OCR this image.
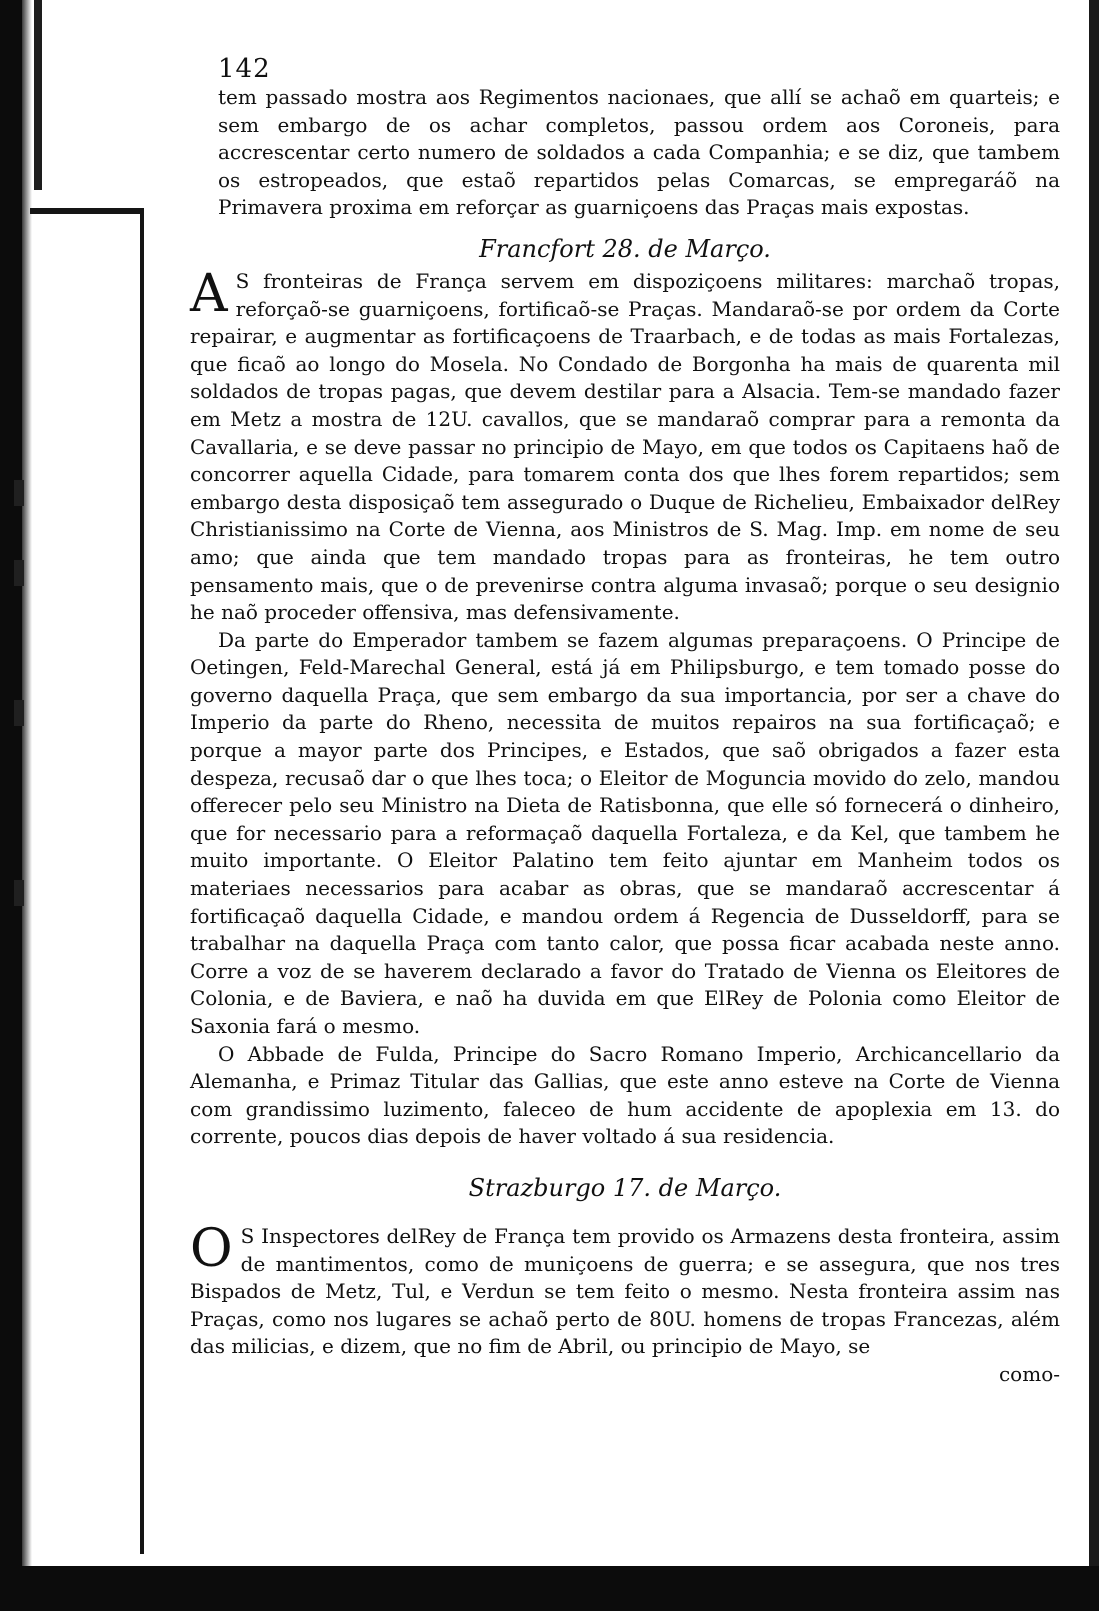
142

tem passado mostra aos Regimentos nacionaes, que allí se achaõ em quarteis; e sem embargo de os achar completos, passou ordem aos Coroneis, para accrescentar certo numero de soldados a cada Companhia; e se diz, que tambem os estropeados, que estaõ repartidos pelas Comarcas, se empregaráõ na Primavera proxima em reforçar as guarniçoens das Praças mais expostas.

Francfort 28. de Março.
A S fronteiras de França servem em dispoziçoens militares: marchaõ tropas, reforçaõ-se guarniçoens, fortificaõ-se Praças. Mandaraõ-se por ordem da Corte repairar, e augmentar as fortificaçoens de Traarbach, e de todas as mais Fortalezas, que ficaõ ao longo do Mosela. No Condado de Borgonha ha mais de quarenta mil soldados de tropas pagas, que devem destilar para a Alsacia. Tem-se mandado fazer em Metz a mostra de 12U. cavallos, que se mandaraõ comprar para a remonta da Cavallaria, e se deve passar no principio de Mayo, em que todos os Capitaens haõ de concorrer aquella Cidade, para tomarem conta dos que lhes forem repartidos; sem embargo desta disposiçaõ tem assegurado o Duque de Richelieu, Embaixador delRey Christianissimo na Corte de Vienna, aos Ministros de S. Mag. Imp. em nome de seu amo; que ainda que tem mandado tropas para as fronteiras, he tem outro pensamento mais, que o de prevenirse contra alguma invasaõ; porque o seu designio he naõ proceder offensiva, mas defensivamente.

Da parte do Emperador tambem se fazem algumas preparaçoens. O Principe de Oetingen, Feld-Marechal General, está já em Philipsburgo, e tem tomado posse do governo daquella Praça, que sem embargo da sua importancia, por ser a chave do Imperio da parte do Rheno, necessita de muitos repairos na sua fortificaçaõ; e porque a mayor parte dos Principes, e Estados, que saõ obrigados a fazer esta despeza, recusaõ dar o que lhes toca; o Eleitor de Moguncia movido do zelo, mandou offerecer pelo seu Ministro na Dieta de Ratisbonna, que elle só fornecerá o dinheiro, que for necessario para a reformaçaõ daquella Fortaleza, e da Kel, que tambem he muito importante. O Eleitor Palatino tem feito ajuntar em Manheim todos os materiaes necessarios para acabar as obras, que se mandaraõ accrescentar á fortificaçaõ daquella Cidade, e mandou ordem á Regencia de Dusseldorff, para se trabalhar na daquella Praça com tanto calor, que possa ficar acabada neste anno. Corre a voz de se haverem declarado a favor do Tratado de Vienna os Eleitores de Colonia, e de Baviera, e naõ ha duvida em que ElRey de Polonia como Eleitor de Saxonia fará o mesmo.

O Abbade de Fulda, Principe do Sacro Romano Imperio, Archicancellario da Alemanha, e Primaz Titular das Gallias, que este anno esteve na Corte de Vienna com grandissimo luzimento, faleceo de hum accidente de apoplexia em 13. do corrente, poucos dias depois de haver voltado á sua residencia.

Strazburgo 17. de Março.
O S Inspectores delRey de França tem provido os Armazens desta fronteira, assim de mantimentos, como de muniçoens de guerra; e se assegura, que nos tres Bispados de Metz, Tul, e Verdun se tem feito o mesmo. Nesta fronteira assim nas Praças, como nos lugares se achaõ perto de 80U. homens de tropas Francezas, além das milicias, e dizem, que no fim de Abril, ou principio de Mayo, se

como-
